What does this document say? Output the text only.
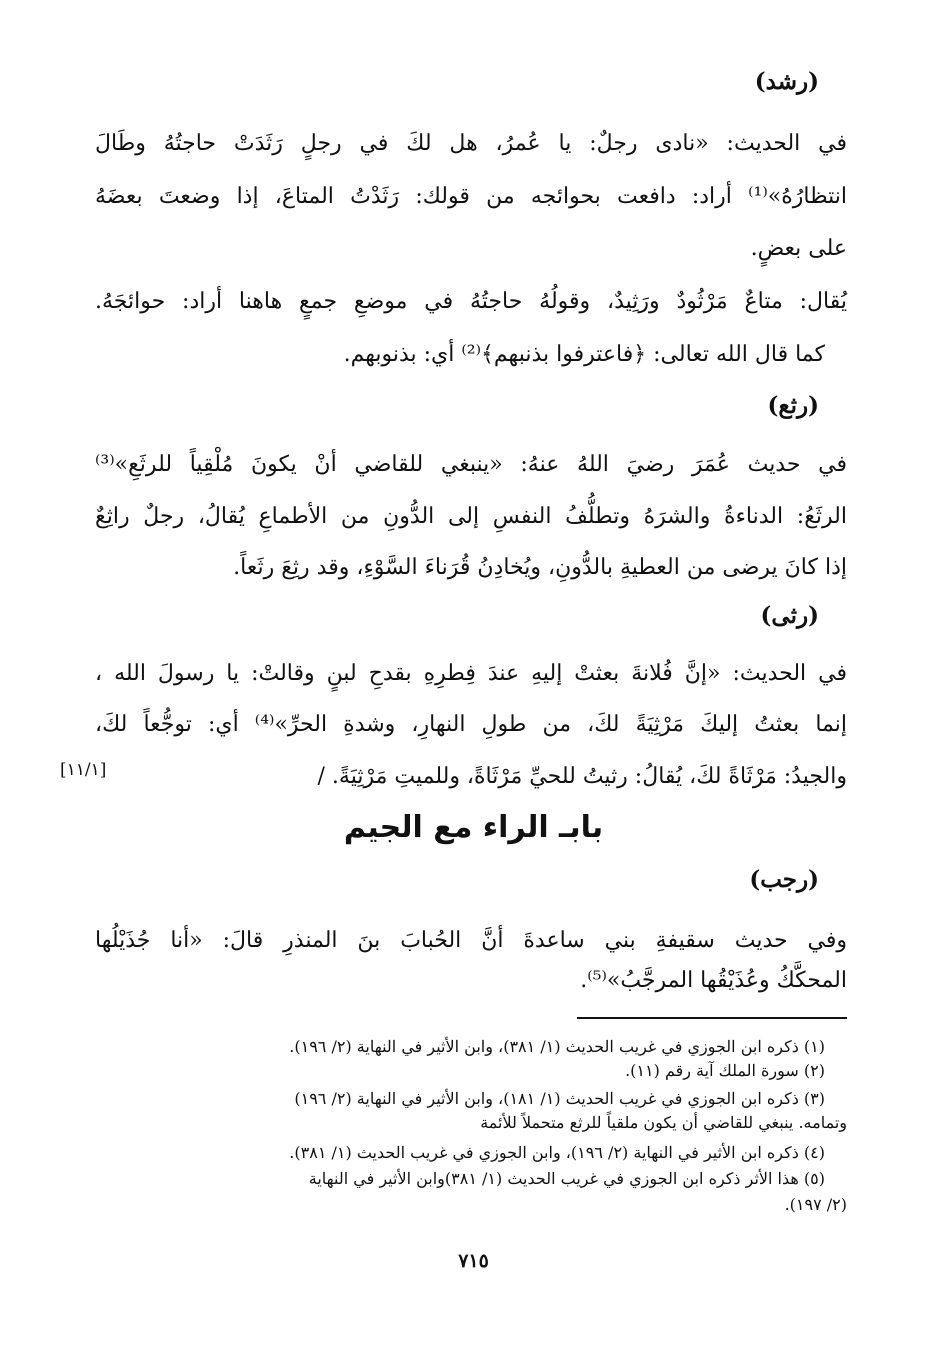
(رشد)
في الحديث: «نادى رجلٌ: يا عُمرُ، هل لكَ في رجلٍ رَثَدَتْ حاجتُهُ وطَالَ
انتظارُهُ»⁽¹⁾ أراد: دافعت بحوائجه من قولك: رَثَدْتُ المتاعَ، إذا وضعتَ بعضَهُ
على بعضٍ.
يُقال: متاعٌ مَرْثُودٌ ورَثِيدٌ، وقولُهُ حاجتُهُ في موضعِ جمعٍ هاهنا أراد: حوائجَهُ.
كما قال الله تعالى: ﴿فاعترفوا بذنبهم﴾⁽²⁾ أي: بذنوبهم.
(رثع)
في حديث عُمَرَ رضيَ اللهُ عنهُ: «ينبغي للقاضي أنْ يكونَ مُلْقِياً للرثَعِ»⁽³⁾
الرثَعُ: الدناءةُ والشرَهُ وتطلُّفُ النفسِ إلى الدُّونِ من الأطماعِ يُقالُ، رجلٌ راثِعٌ
إذا كانَ يرضى من العطيةِ بالدُّونِ، ويُخادِنُ قُرَناءَ السَّوْءِ، وقد رثِعَ رثَعاً.
(رثى)
في الحديث: «إنَّ فُلانةَ بعثتْ إليهِ عندَ فِطرِهِ بقدحِ لبنٍ وقالتْ: يا رسولَ الله ،
إنما بعثتُ إليكَ مَرْثِيَةً لكَ، من طولِ النهارِ، وشدةِ الحرِّ»⁽⁴⁾ أي: توجُّعاً لكَ،
والجيدُ: مَرْثَاةً لكَ، يُقالُ: رثيتُ للحيِّ مَرْثَاةً، وللميتِ مَرْثِيَةً. /
[١١/١]
بابـ الراء مع الجيم
(رجب)
وفي حديث سقيفةِ بني ساعدةَ أنَّ الحُبابَ بنَ المنذرِ قالَ: «أنا جُذَيْلُها
المحكَّكُ وعُذَيْقُها المرجَّبُ»⁽⁵⁾.
(١) ذكره ابن الجوزي في غريب الحديث (١/ ٣٨١)، وابن الأثير في النهاية (٢/ ١٩٦).
(٢) سورة الملك آية رقم (١١).
(٣) ذكره ابن الجوزي في غريب الحديث (١/ ١٨١)، وابن الأثير في النهاية (٢/ ١٩٦)
وتمامه. ينبغي للقاضي أن يكون ملقياً للرثع متحملاً للأئمة
(٤) ذكره ابن الأثير في النهاية (٢/ ١٩٦)، وابن الجوزي في غريب الحديث (١/ ٣٨١).
(٥) هذا الأثر ذكره ابن الجوزي في غريب الحديث (١/ ٣٨١)وابن الأثير في النهاية
(٢/ ١٩٧).
٧١٥
